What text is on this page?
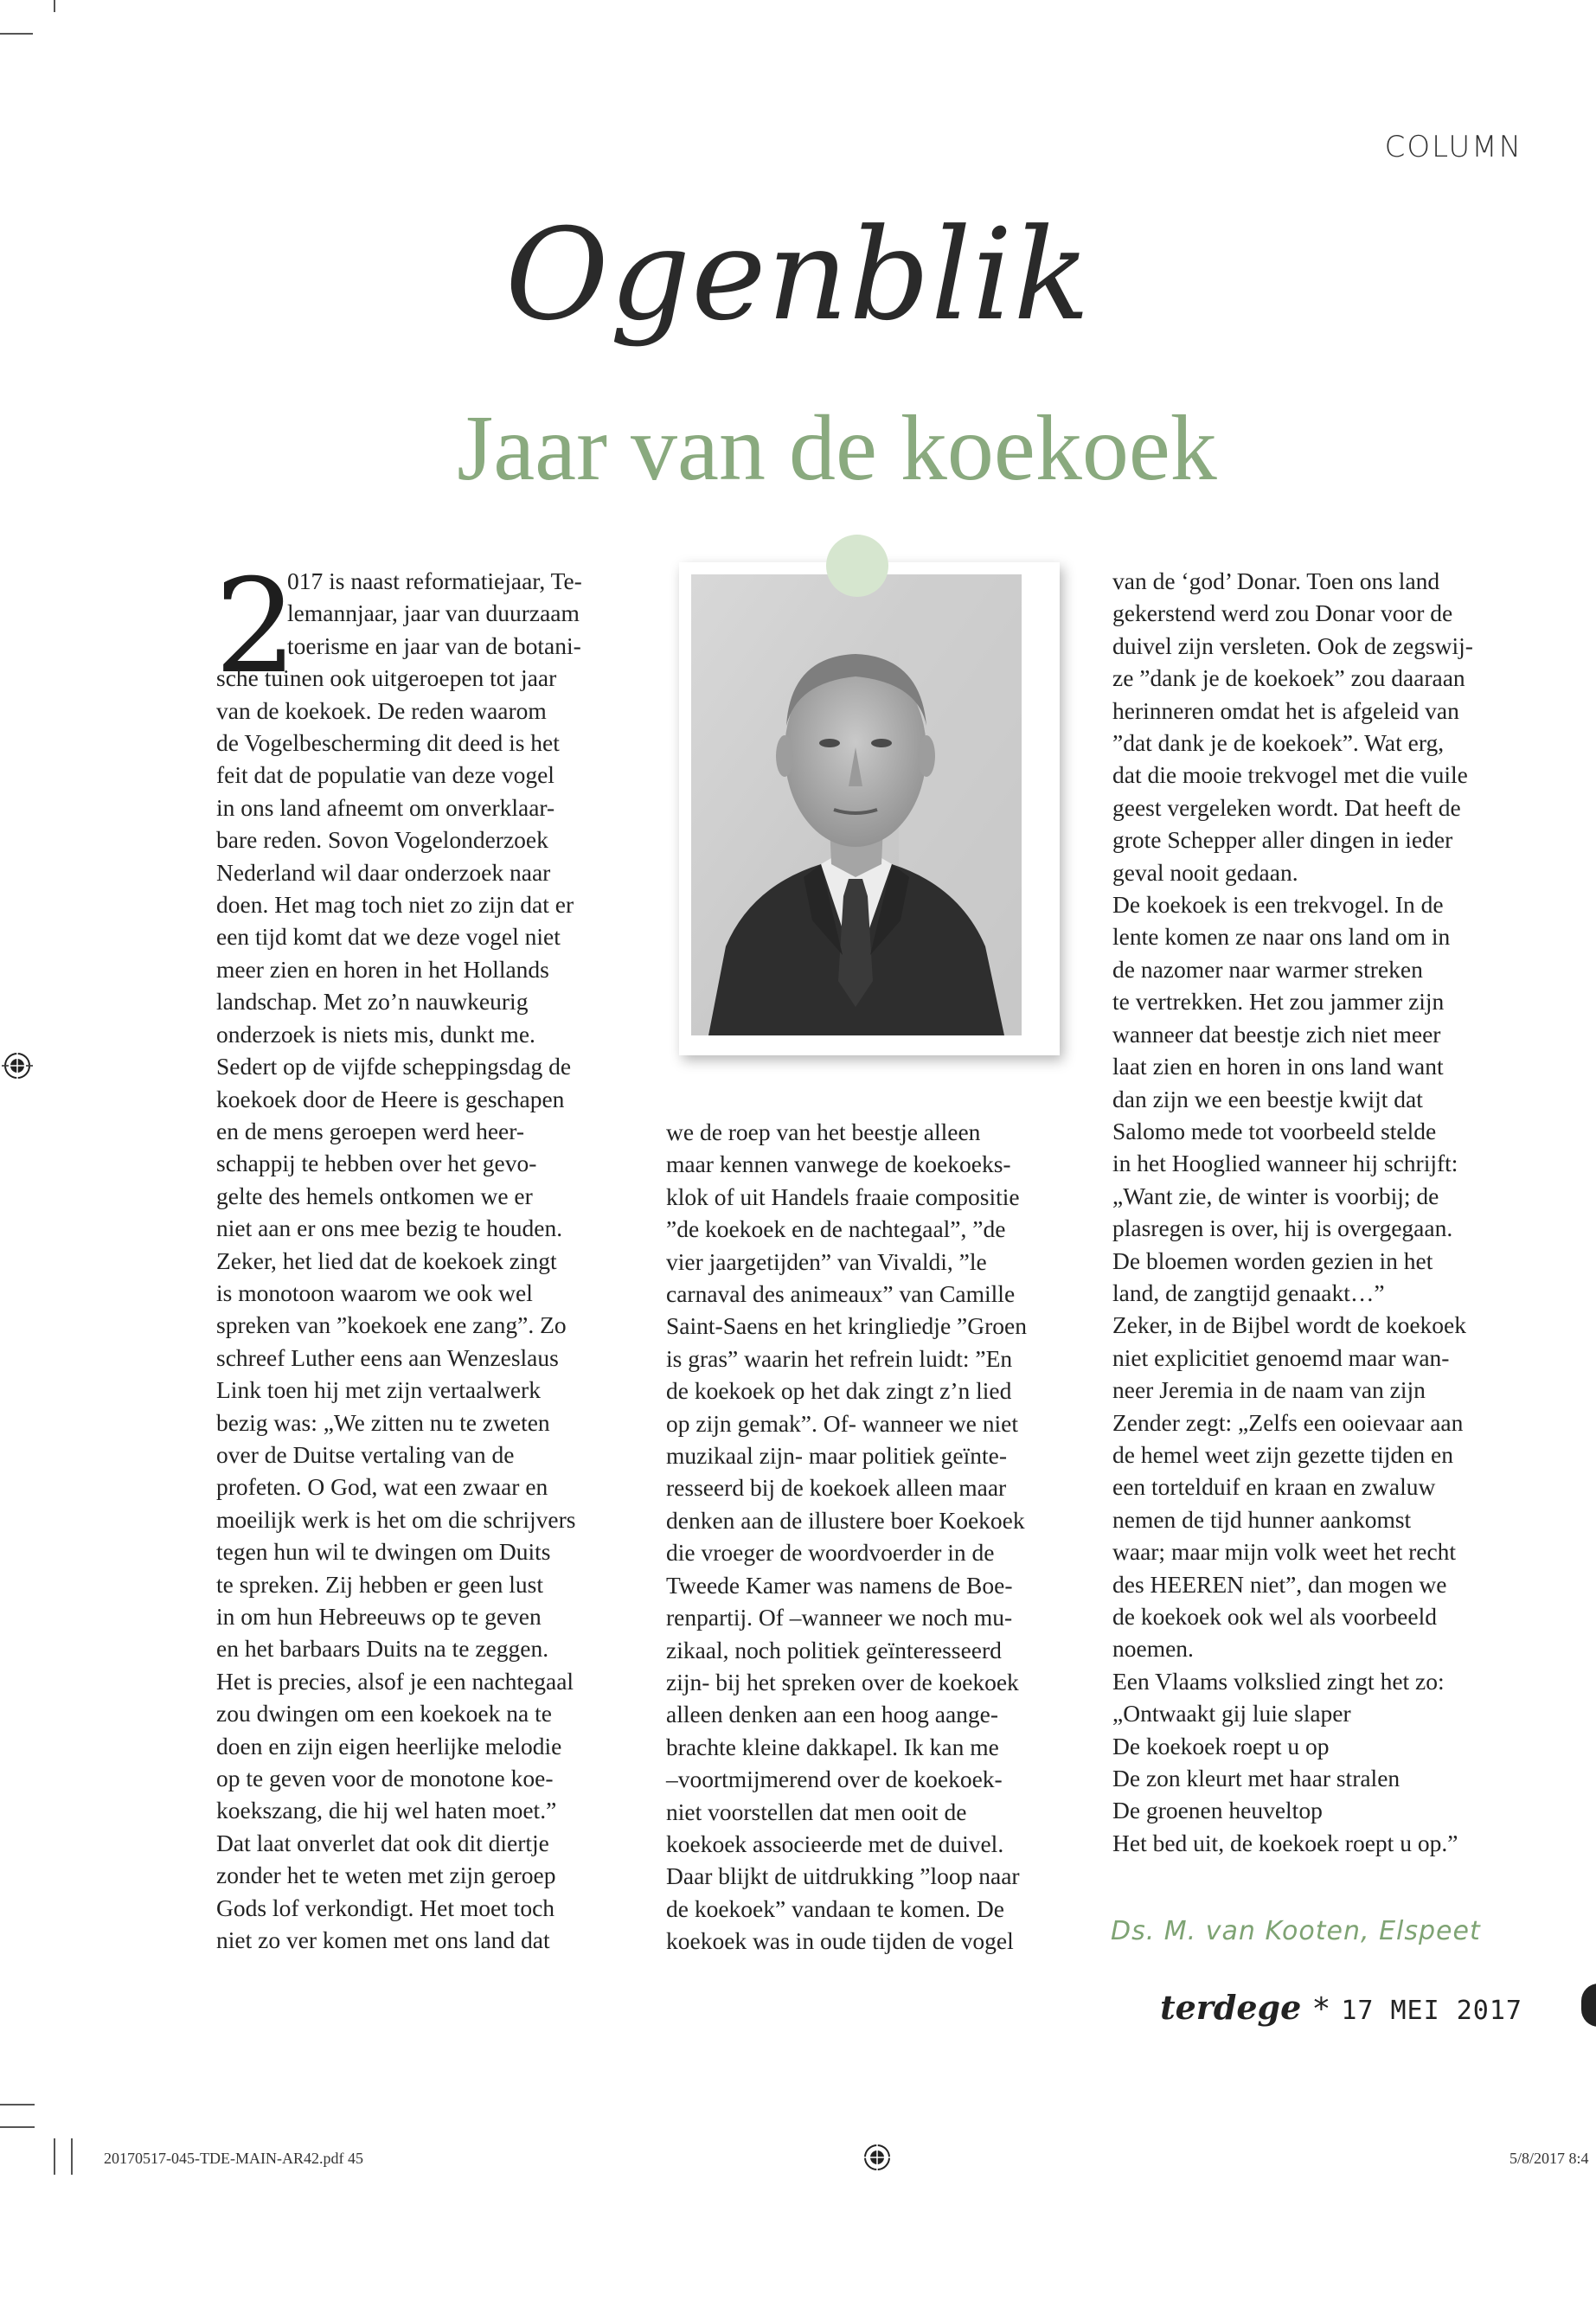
COLUMN
Ogenblik
Jaar van de koekoek
2

017 is naast reformatiejaar, Te-

lemannjaar, jaar van duurzaam

toerisme en jaar van de botani-

sche tuinen ook uitgeroepen tot jaar

van de koekoek. De reden waarom

de Vogelbescherming dit deed is het

feit dat de populatie van deze vogel

in ons land afneemt om onverklaar-

bare reden. Sovon Vogelonderzoek

Nederland wil daar onderzoek naar

doen. Het mag toch niet zo zijn dat er

een tijd komt dat we deze vogel niet

meer zien en horen in het Hollands

landschap. Met zo’n nauwkeurig

onderzoek is niets mis, dunkt me.

Sedert op de vijfde scheppingsdag de

koekoek door de Heere is geschapen

en de mens geroepen werd heer-

schappij te hebben over het gevo-

gelte des hemels ontkomen we er

niet aan er ons mee bezig te houden.

Zeker, het lied dat de koekoek zingt

is monotoon waarom we ook wel

spreken van ”koekoek ene zang”. Zo

schreef Luther eens aan Wenzeslaus

Link toen hij met zijn vertaalwerk

bezig was: „We zitten nu te zweten

over de Duitse vertaling van de

profeten. O God, wat een zwaar en

moeilijk werk is het om die schrijvers

tegen hun wil te dwingen om Duits

te spreken. Zij hebben er geen lust

in om hun Hebreeuws op te geven

en het barbaars Duits na te zeggen.

Het is precies, alsof je een nachtegaal

zou dwingen om een koekoek na te

doen en zijn eigen heerlijke melodie

op te geven voor de monotone koe-

koekszang, die hij wel haten moet.”

Dat laat onverlet dat ook dit diertje

zonder het te weten met zijn geroep

Gods lof verkondigt. Het moet toch

niet zo ver komen met ons land dat

we de roep van het beestje alleen

maar kennen vanwege de koekoeks-

klok of uit Handels fraaie compositie

”de koekoek en de nachtegaal”, ”de

vier jaargetijden” van Vivaldi, ”le

carnaval des animeaux” van Camille

Saint-Saens en het kringliedje ”Groen

is gras” waarin het refrein luidt: ”En

de koekoek op het dak zingt z’n lied

op zijn gemak”. Of- wanneer we niet

muzikaal zijn- maar politiek geïnte-

resseerd bij de koekoek alleen maar

denken aan de illustere boer Koekoek

die vroeger de woordvoerder in de

Tweede Kamer was namens de Boe-

renpartij. Of –wanneer we noch mu-

zikaal, noch politiek geïnteresseerd

zijn- bij het spreken over de koekoek

alleen denken aan een hoog aange-

brachte kleine dakkapel. Ik kan me

–voortmijmerend over de koekoek-

niet voorstellen dat men ooit de

koekoek associeerde met de duivel.

Daar blijkt de uitdrukking ”loop naar

de koekoek” vandaan te komen. De

koekoek was in oude tijden de vogel

van de ‘god’ Donar. Toen ons land

gekerstend werd zou Donar voor de

duivel zijn versleten. Ook de zegswij-

ze ”dank je de koekoek” zou daaraan

herinneren omdat het is afgeleid van

”dat dank je de koekoek”. Wat erg,

dat die mooie trekvogel met die vuile

geest vergeleken wordt. Dat heeft de

grote Schepper aller dingen in ieder

geval nooit gedaan.

De koekoek is een trekvogel. In de

lente komen ze naar ons land om in

de nazomer naar warmer streken

te vertrekken. Het zou jammer zijn

wanneer dat beestje zich niet meer

laat zien en horen in ons land want

dan zijn we een beestje kwijt dat

Salomo mede tot voorbeeld stelde

in het Hooglied wanneer hij schrijft:

„Want zie, de winter is voorbij; de

plasregen is over, hij is overgegaan.

De bloemen worden gezien in het

land, de zangtijd genaakt…”

Zeker, in de Bijbel wordt de koekoek

niet explicitiet genoemd maar wan-

neer Jeremia in de naam van zijn

Zender zegt: „Zelfs een ooievaar aan

de hemel weet zijn gezette tijden en

een tortelduif en kraan en zwaluw

nemen de tijd hunner aankomst

waar; maar mijn volk weet het recht

des HEEREN niet”, dan mogen we

de koekoek ook wel als voorbeeld

noemen.

Een Vlaams volkslied zingt het zo:

„Ontwaakt gij luie slaper

De koekoek roept u op

De zon kleurt met haar stralen

De groenen heuveltop

Het bed uit, de koekoek roept u op.”

Ds. M. van Kooten, Elspeet
terdege * 17 MEI 2017
20170517-045-TDE-MAIN-AR42.pdf 45	5/8/2017 8:4
